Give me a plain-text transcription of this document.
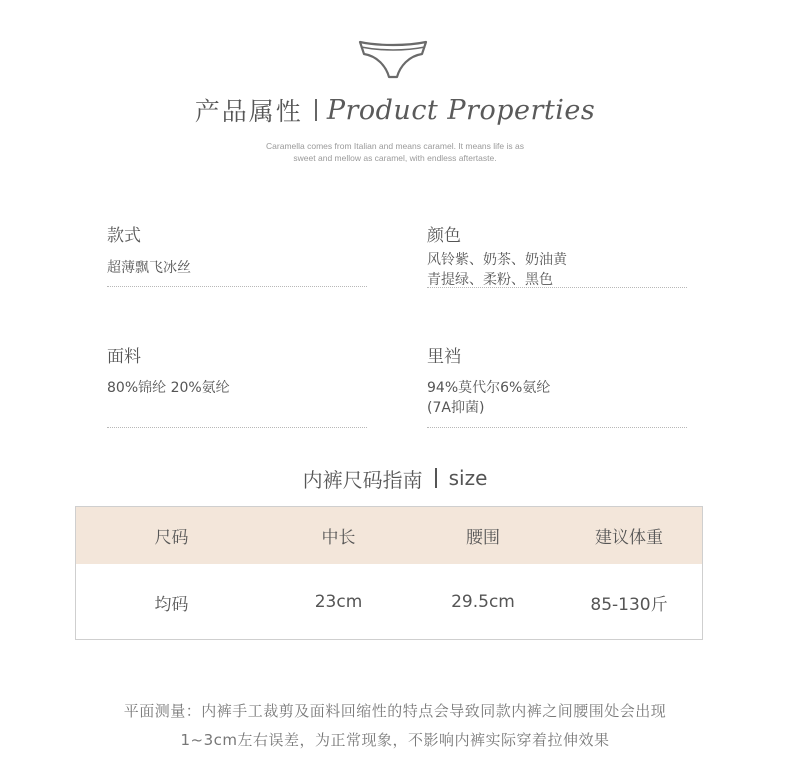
产品属性 Product Properties
Caramella comes from Italian and means caramel. It means life is as
sweet and mellow as caramel, with endless aftertaste.
款式
超薄飘飞冰丝
颜色
风铃紫、奶茶、奶油黄
青提绿、柔粉、黑色
面料
80%锦纶 20%氨纶
里裆
94%莫代尔6%氨纶
(7A抑菌)
内裤尺码指南 size
尺码	中长	腰围	建议体重
均码	23cm	29.5cm	85-130斤
平面测量：内裤手工裁剪及面料回缩性的特点会导致同款内裤之间腰围处会出现
1~3cm左右误差，为正常现象，不影响内裤实际穿着拉伸效果
